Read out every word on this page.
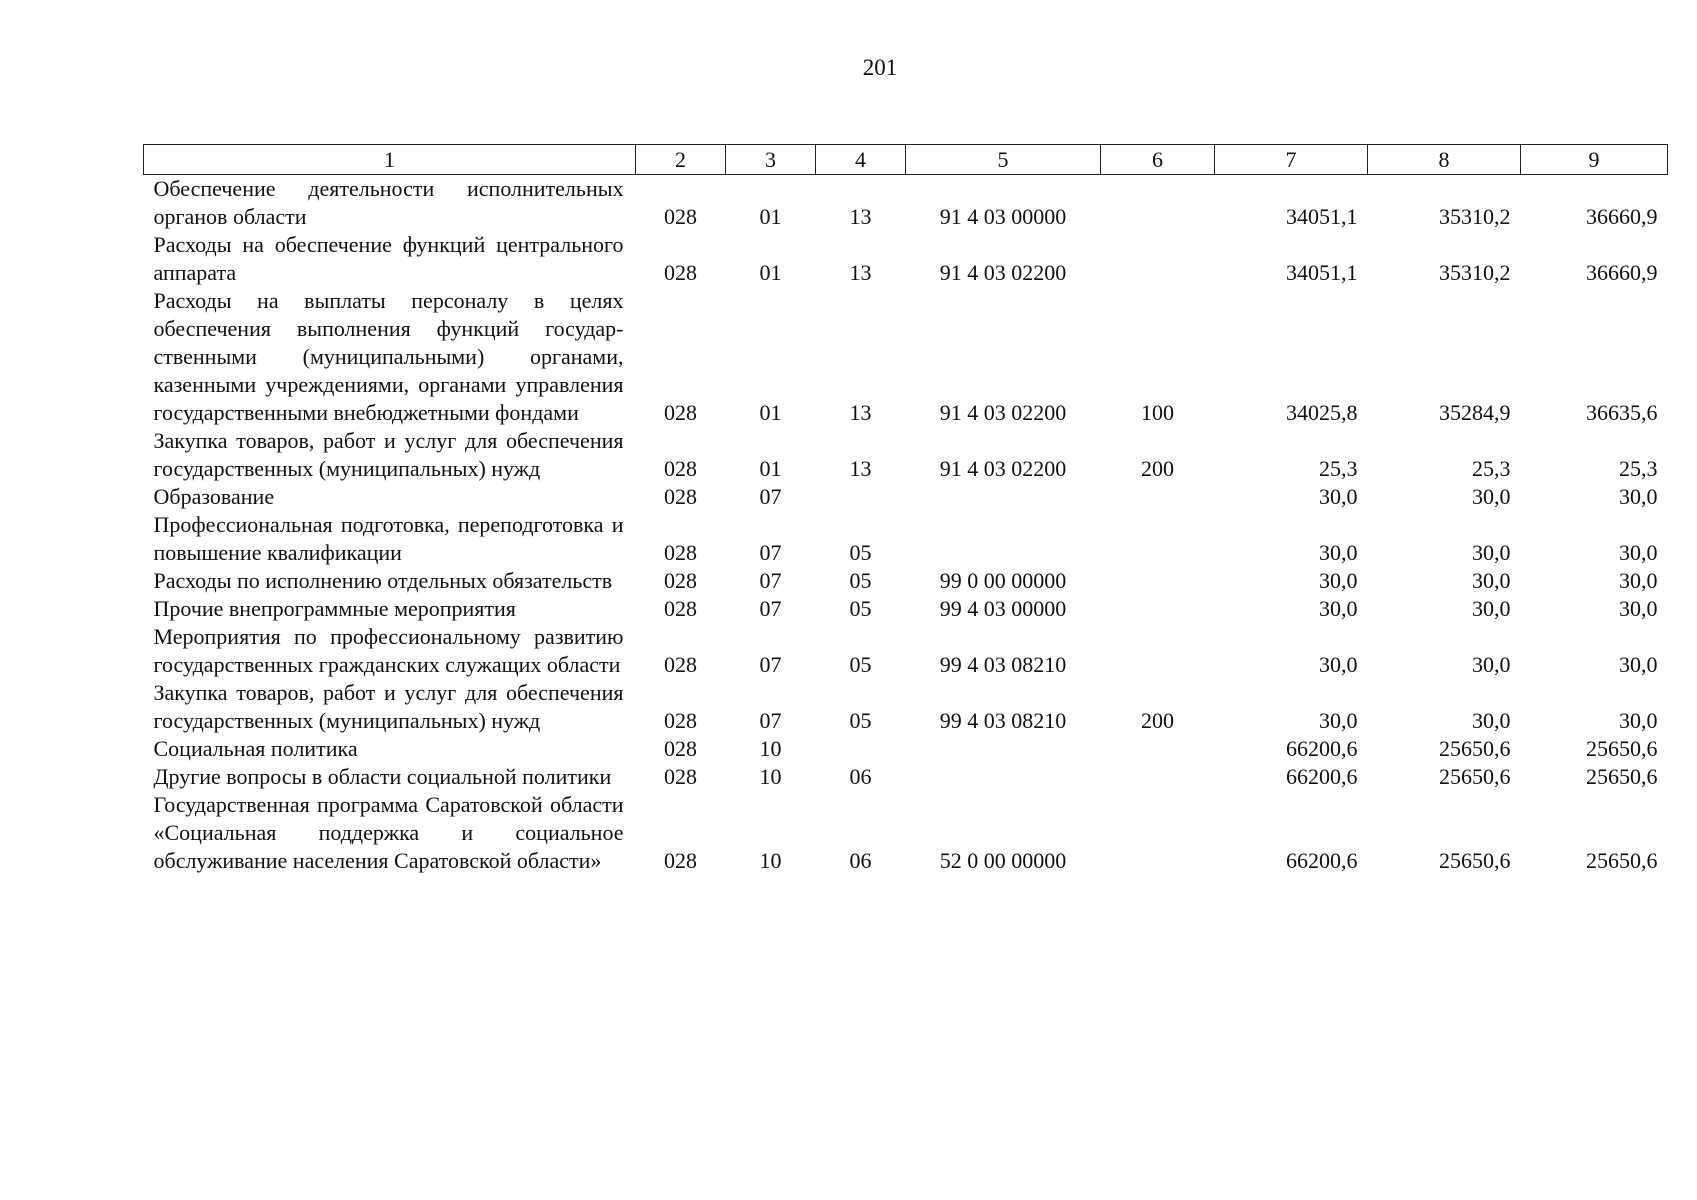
201
1	2	3	4	5	6	7	8	9
Обеспечение деятельности исполнительных органов области	028	01	13	91 4 03 00000		34051,1	35310,2	36660,9
Расходы на обеспечение функций центрального аппарата	028	01	13	91 4 03 02200		34051,1	35310,2	36660,9
Расходы на выплаты персоналу в целях обеспечения выполнения функций государственными (муниципальными) органами, казенными учреждениями, органами управления государственными внебюджетными фондами	028	01	13	91 4 03 02200	100	34025,8	35284,9	36635,6
Закупка товаров, работ и услуг для обеспечения государственных (муниципальных) нужд	028	01	13	91 4 03 02200	200	25,3	25,3	25,3
Образование	028	07				30,0	30,0	30,0
Профессиональная подготовка, переподготовка и повышение квалификации	028	07	05			30,0	30,0	30,0
Расходы по исполнению отдельных обязательств	028	07	05	99 0 00 00000		30,0	30,0	30,0
Прочие внепрограммные мероприятия	028	07	05	99 4 03 00000		30,0	30,0	30,0
Мероприятия по профессиональному развитию государственных гражданских служащих области	028	07	05	99 4 03 08210		30,0	30,0	30,0
Закупка товаров, работ и услуг для обеспечения государственных (муниципальных) нужд	028	07	05	99 4 03 08210	200	30,0	30,0	30,0
Социальная политика	028	10				66200,6	25650,6	25650,6
Другие вопросы в области социальной политики	028	10	06			66200,6	25650,6	25650,6
Государственная программа Саратовской области «Социальная поддержка и социальное обслуживание населения Саратовской области»	028	10	06	52 0 00 00000		66200,6	25650,6	25650,6
